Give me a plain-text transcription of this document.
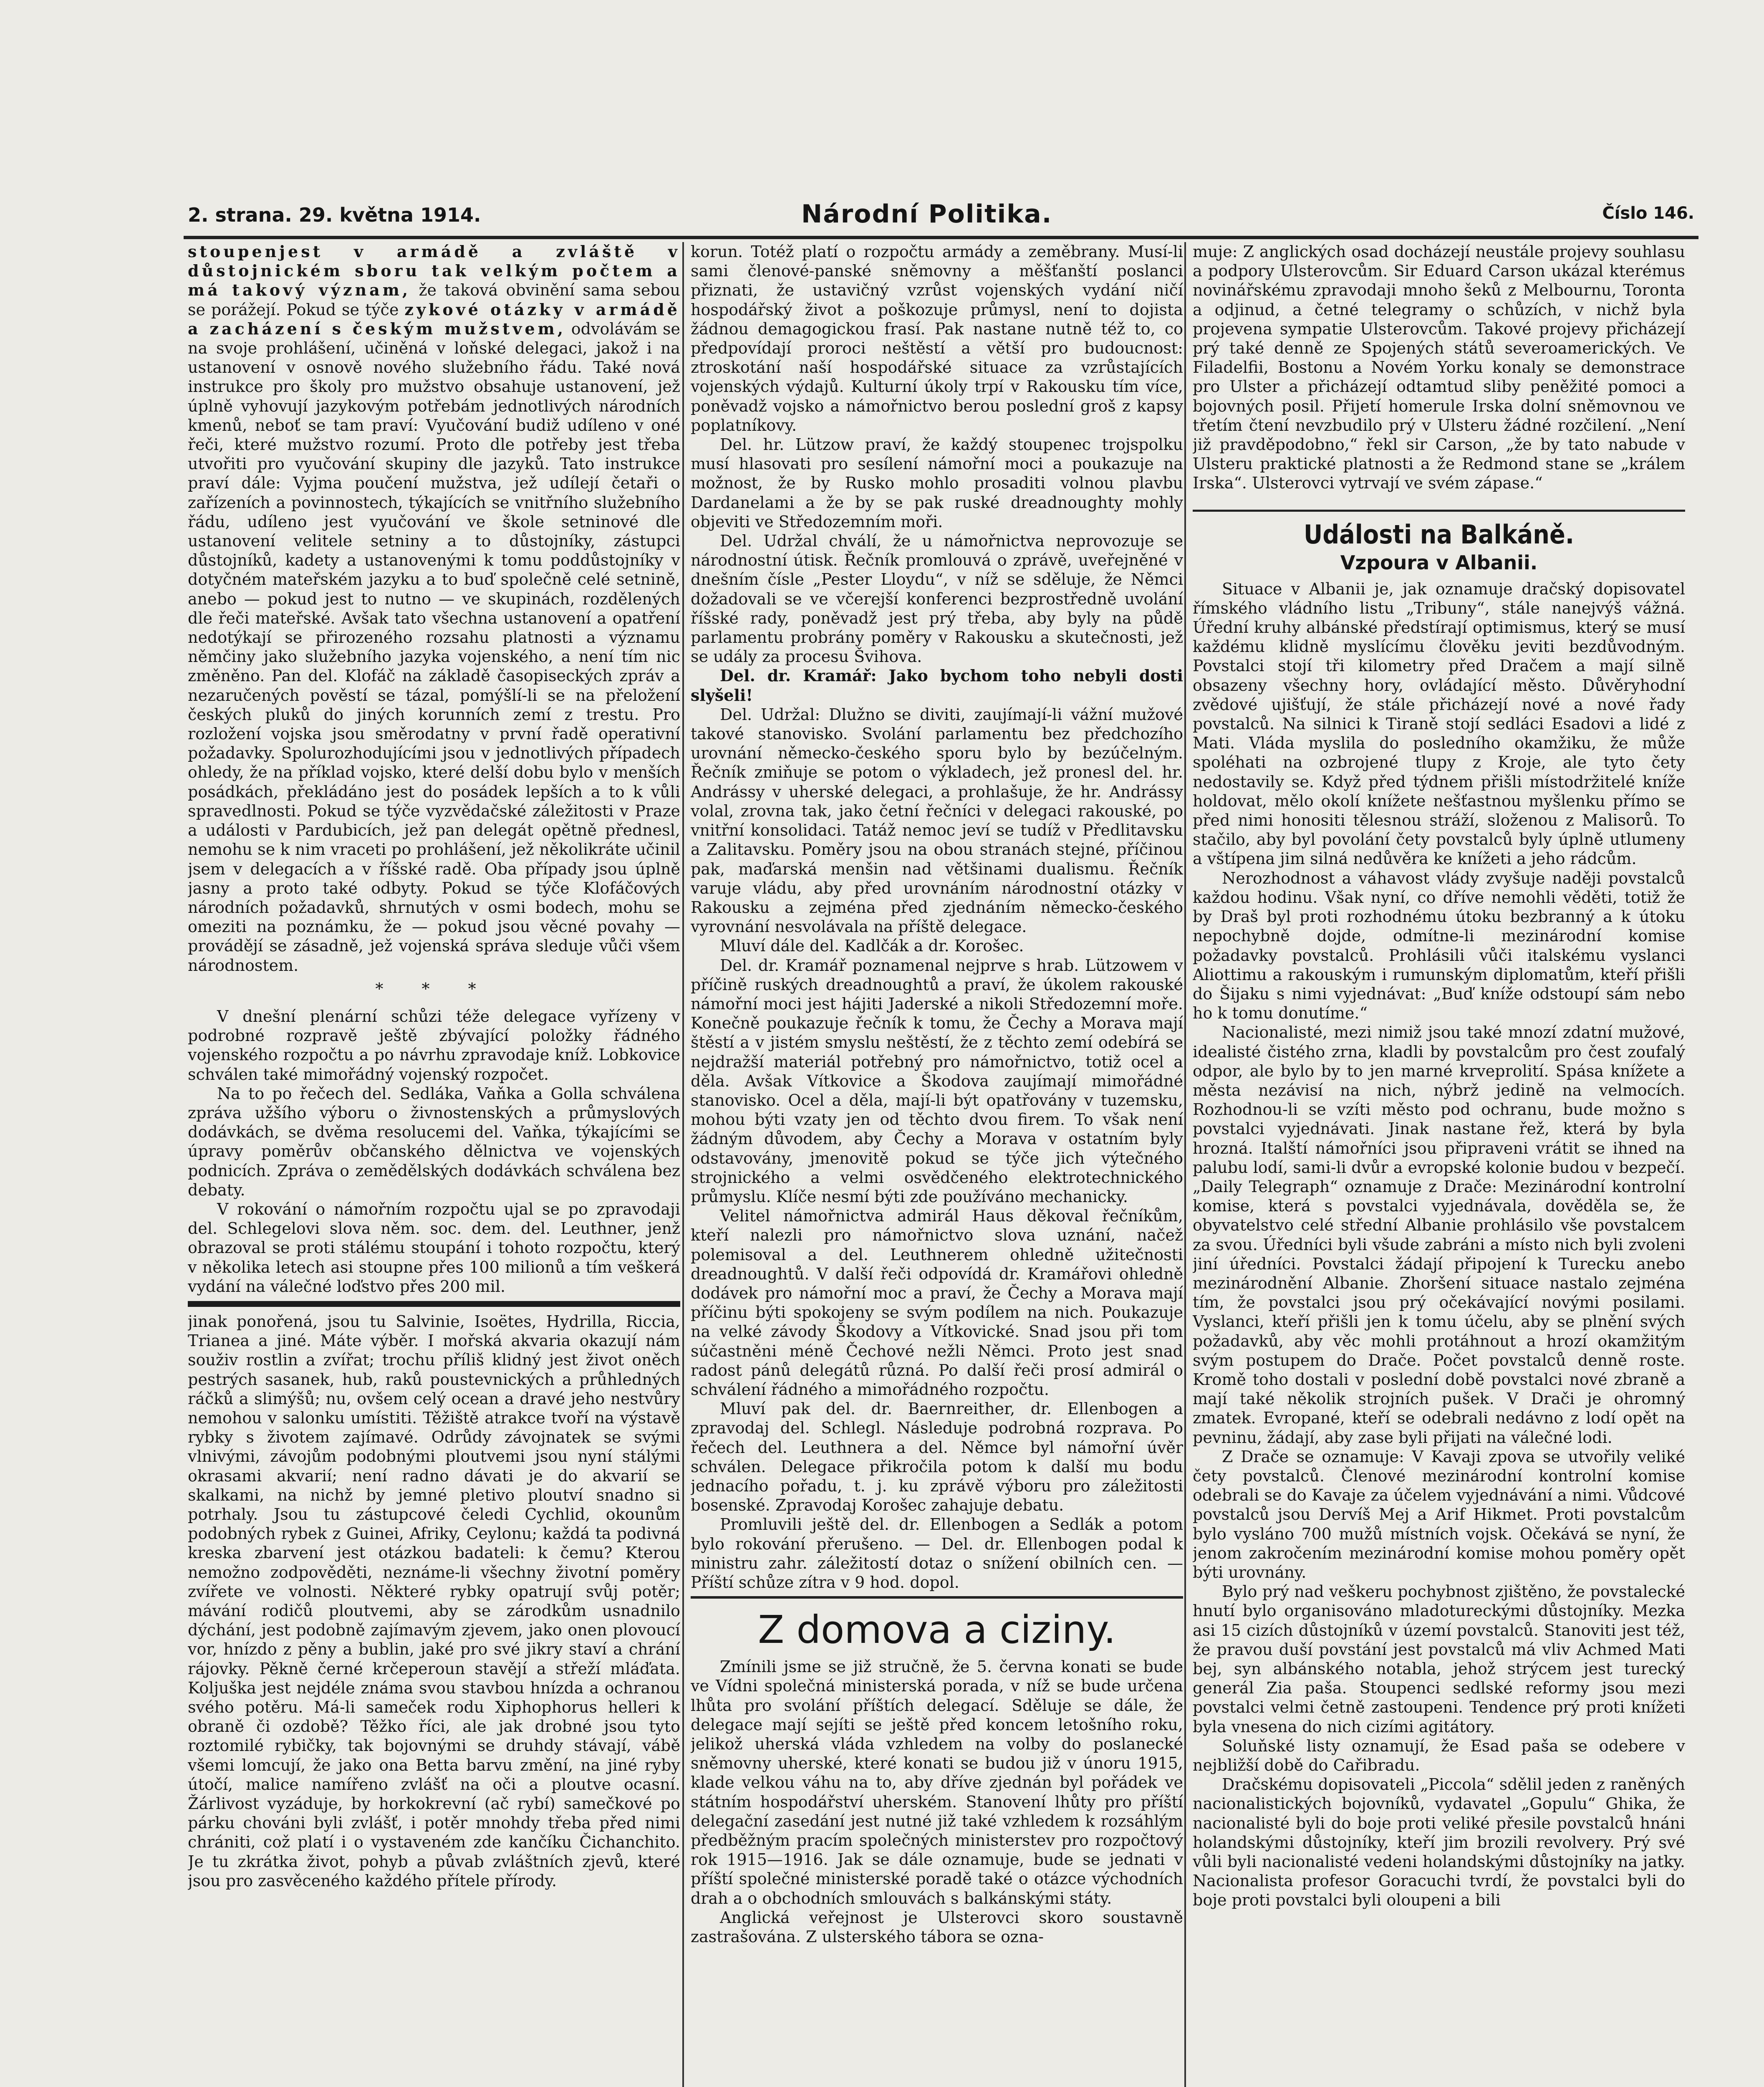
2. strana. 29. května 1914.	Národní Politika.	Číslo 146.

stoupenjest v armádě a zvláště v důstojnickém sboru tak velkým počtem a má takový význam, že taková obvinění sama sebou se porážejí. Pokud se týče zykové otázky v armádě a zacházení s českým mužstvem, odvolávám se na svoje prohlášení, učiněná v loňské delegaci, jakož i na ustanovení v osnově nového služebního řádu. Také nová instrukce pro školy pro mužstvo obsahuje ustanovení, jež úplně vyhovují jazykovým potřebám jednotlivých národních kmenů, neboť se tam praví: Vyučování budiž udíleno v oné řeči, které mužstvo rozumí. Proto dle potřeby jest třeba utvořiti pro vyučování skupiny dle jazyků. Tato instrukce praví dále: Vyjma poučení mužstva, jež udílejí četaři o zařízeních a povinnostech, týkajících se vnitřního služebního řádu, udíleno jest vyučování ve škole setninové dle ustanovení velitele setniny a to důstojníky, zástupci důstojníků, kadety a ustanovenými k tomu poddůstojníky v dotyčném mateřském jazyku a to buď společně celé setnině, anebo — pokud jest to nutno — ve skupinách, rozdělených dle řeči mateřské. Avšak tato všechna ustanovení a opatření nedotýkají se přirozeného rozsahu platnosti a významu němčiny jako služebního jazyka vojenského, a není tím nic změněno. Pan del. Klofáč na základě časopiseckých zpráv a nezaručených pověstí se tázal, pomýšlí-li se na přeložení českých pluků do jiných korunních zemí z trestu. Pro rozložení vojska jsou směrodatny v první řadě operativní požadavky. Spolurozhodujícími jsou v jednotlivých případech ohledy, že na příklad vojsko, které delší dobu bylo v menších posádkách, překládáno jest do posádek lepších a to k vůli spravedlnosti. Pokud se týče vyzvědačské záležitosti v Praze a události v Pardubicích, jež pan delegát opětně přednesl, nemohu se k nim vraceti po prohlášení, jež několikráte učinil jsem v delegacích a v říšské radě. Oba případy jsou úplně jasny a proto také odbyty. Pokud se týče Klofáčových národních požadavků, shrnutých v osmi bodech, mohu se omeziti na poznámku, že — pokud jsou věcné povahy — provádějí se zásadně, jež vojenská správa sleduje vůči všem národnostem.

* * *

V dnešní plenární schůzi téže delegace vyřízeny v podrobné rozpravě ještě zbývající položky řádného vojenského rozpočtu a po návrhu zpravodaje kníž. Lobkovice schválen také mimořádný vojenský rozpočet.

Na to po řečech del. Sedláka, Vaňka a Golla schválena zpráva užšího výboru o živnostenských a průmyslových dodávkách, se dvěma resolucemi del. Vaňka, týkajícími se úpravy poměrův občanského dělnictva ve vojenských podnicích. Zpráva o zemědělských dodávkách schválena bez debaty.

V rokování o námořním rozpočtu ujal se po zpravodaji del. Schlegelovi slova něm. soc. dem. del. Leuthner, jenž obrazoval se proti stálému stoupání i tohoto rozpočtu, který v několika letech asi stoupne přes 100 milionů a tím veškerá vydání na válečné loďstvo přes 200 mil.

jinak ponořená, jsou tu Salvinie, Isoëtes, Hydrilla, Riccia, Trianea a jiné. Máte výběr. I mořská akvaria okazují nám souživ rostlin a zvířat; trochu příliš klidný jest život oněch pestrých sasanek, hub, raků poustevnických a průhledných ráčků a slimýšů; nu, ovšem celý ocean a dravé jeho nestvůry nemohou v salonku umístiti. Těžiště atrakce tvoří na výstavě rybky s životem zajímavé. Odrůdy závojnatek se svými vlnivými, závojům podobnými ploutvemi jsou nyní stálými okrasami akvarií; není radno dávati je do akvarií se skalkami, na nichž by jemné pletivo ploutví snadno si potrhaly. Jsou tu zástupcové čeledi Cychlid, okounům podobných rybek z Guinei, Afriky, Ceylonu; každá ta podivná kreska zbarvení jest otázkou badateli: k čemu? Kterou nemožno zodpověděti, neznáme-li všechny životní poměry zvířete ve volnosti. Některé rybky opatrují svůj potěr; mávání rodičů ploutvemi, aby se zárodkům usnadnilo dýchání, jest podobně zajímavým zjevem, jako onen plovoucí vor, hnízdo z pěny a bublin, jaké pro své jikry staví a chrání rájovky. Pěkně černé krčeperoun stavějí a střeží mláďata. Koljuška jest nejdéle známa svou stavbou hnízda a ochranou svého potěru. Má-li sameček rodu Xiphophorus helleri k obraně či ozdobě? Těžko říci, ale jak drobné jsou tyto roztomilé rybičky, tak bojovnými se druhdy stávají, vábě všemi lomcují, že jako ona Betta barvu změní, na jiné ryby útočí, malice namířeno zvlášť na oči a ploutve ocasní. Žárlivost vyzáduje, by horkokrevní (ač rybí) samečkové po párku chováni byli zvlášť, i potěr mnohdy třeba před nimi chrániti, což platí i o vystaveném zde kančíku Čichanchito. Je tu zkrátka život, pohyb a půvab zvláštních zjevů, které jsou pro zasvěceného každého přítele přírody.

korun. Totéž platí o rozpočtu armády a zeměbrany. Musí-li sami členové-panské sněmovny a měšťanští poslanci přiznati, že ustavičný vzrůst vojenských vydání ničí hospodářský život a poškozuje průmysl, není to dojista žádnou demagogickou frasí. Pak nastane nutně též to, co předpovídají proroci neštěstí a větší pro budoucnost: ztroskotání naší hospodářské situace za vzrůstajících vojenských výdajů. Kulturní úkoly trpí v Rakousku tím více, poněvadž vojsko a námořnictvo berou poslední groš z kapsy poplatníkovy.

Del. hr. Lützow praví, že každý stoupenec trojspolku musí hlasovati pro sesílení námořní moci a poukazuje na možnost, že by Rusko mohlo prosaditi volnou plavbu Dardanelami a že by se pak ruské dreadnoughty mohly objeviti ve Středozemním moři.

Del. Udržal chválí, že u námořnictva neprovozuje se národnostní útisk. Řečník promlouvá o zprávě, uveřejněné v dnešním čísle „Pester Lloydu“, v níž se sděluje, že Němci dožadovali se ve včerejší konferenci bezprostředně uvolání říšské rady, poněvadž jest prý třeba, aby byly na půdě parlamentu probrány poměry v Rakousku a skutečnosti, jež se udály za procesu Švihova.

Del. dr. Kramář: Jako bychom toho nebyli dosti slyšeli!

Del. Udržal: Dlužno se diviti, zaujímají-li vážní mužové takové stanovisko. Svolání parlamentu bez předchozího urovnání německo-českého sporu bylo by bezúčelným. Řečník zmiňuje se potom o výkladech, jež pronesl del. hr. Andrássy v uherské delegaci, a prohlašuje, že hr. Andrássy volal, zrovna tak, jako četní řečníci v delegaci rakouské, po vnitřní konsolidaci. Tatáž nemoc jeví se tudíž v Předlitavsku a Zalitavsku. Poměry jsou na obou stranách stejné, příčinou pak, maďarská menšin nad většinami dualismu. Řečník varuje vládu, aby před urovnáním národnostní otázky v Rakousku a zejména před zjednáním německo-českého vyrovnání nesvolávala na příště delegace.

Mluví dále del. Kadlčák a dr. Korošec.

Del. dr. Kramář poznamenal nejprve s hrab. Lützowem v příčině ruských dreadnoughtů a praví, že úkolem rakouské námořní moci jest hájiti Jaderské a nikoli Středozemní moře. Konečně poukazuje řečník k tomu, že Čechy a Morava mají štěstí a v jistém smyslu neštěstí, že z těchto zemí odebírá se nejdražší materiál potřebný pro námořnictvo, totiž ocel a děla. Avšak Vítkovice a Škodova zaujímají mimořádné stanovisko. Ocel a děla, mají-li být opatřovány v tuzemsku, mohou býti vzaty jen od těchto dvou firem. To však není žádným důvodem, aby Čechy a Morava v ostatním byly odstavovány, jmenovitě pokud se týče jich výtečného strojnického a velmi osvědčeného elektrotechnického průmyslu. Klíče nesmí býti zde používáno mechanicky.

Velitel námořnictva admirál Haus děkoval řečníkům, kteří nalezli pro námořnictvo slova uznání, načež polemisoval a del. Leuthnerem ohledně užitečnosti dreadnoughtů. V další řeči odpovídá dr. Kramářovi ohledně dodávek pro námořní moc a praví, že Čechy a Morava mají příčinu býti spokojeny se svým podílem na nich. Poukazuje na velké závody Škodovy a Vítkovické. Snad jsou při tom súčastněni méně Čechové nežli Němci. Proto jest snad radost pánů delegátů různá. Po další řeči prosí admirál o schválení řádného a mimořádného rozpočtu.

Mluví pak del. dr. Baernreither, dr. Ellenbogen a zpravodaj del. Schlegl. Následuje podrobná rozprava. Po řečech del. Leuthnera a del. Němce byl námořní úvěr schválen. Delegace přikročila potom k další mu bodu jednacího pořadu, t. j. ku zprávě výboru pro záležitosti bosenské. Zpravodaj Korošec zahajuje debatu.

Promluvili ještě del. dr. Ellenbogen a Sedlák a potom bylo rokování přerušeno. — Del. dr. Ellenbogen podal k ministru zahr. záležitostí dotaz o snížení obilních cen. — Příští schůze zítra v 9 hod. dopol.

Z domova a ciziny.

Zmínili jsme se již stručně, že 5. června konati se bude ve Vídni společná ministerská porada, v níž se bude určena lhůta pro svolání příštích delegací. Sděluje se dále, že delegace mají sejíti se ještě před koncem letošního roku, jelikož uherská vláda vzhledem na volby do poslanecké sněmovny uherské, které konati se budou již v únoru 1915, klade velkou váhu na to, aby dříve zjednán byl pořádek ve státním hospodářství uherském. Stanovení lhůty pro příští delegační zasedání jest nutné již také vzhledem k rozsáhlým předběžným pracím společných ministerstev pro rozpočtový rok 1915—1916. Jak se dále oznamuje, bude se jednati v příští společné ministerské poradě také o otázce východních drah a o obchodních smlouvách s balkánskými státy.

Anglická veřejnost je Ulsterovci skoro soustavně zastrašována. Z ulsterského tábora se ozna-

muje: Z anglických osad docházejí neustále projevy souhlasu a podpory Ulsterovcům. Sir Eduard Carson ukázal kterémus novinářskému zpravodaji mnoho šeků z Melbournu, Toronta a odjinud, a četné telegramy o schůzích, v nichž byla projevena sympatie Ulsterovcům. Takové projevy přicházejí prý také denně ze Spojených států severoamerických. Ve Filadelfii, Bostonu a Novém Yorku konaly se demonstrace pro Ulster a přicházejí odtamtud sliby peněžité pomoci a bojovných posil. Přijetí homerule Irska dolní sněmovnou ve třetím čtení nevzbudilo prý v Ulsteru žádné rozčilení. „Není již pravděpodobno,“ řekl sir Carson, „že by tato nabude v Ulsteru praktické platnosti a že Redmond stane se „králem Irska“. Ulsterovci vytrvají ve svém zápase.“

Události na Balkáně.
Vzpoura v Albanii.

Situace v Albanii je, jak oznamuje dračský dopisovatel římského vládního listu „Tribuny“, stále nanejvýš vážná. Úřední kruhy albánské předstírají optimismus, který se musí každému klidně myslícímu člověku jeviti bezdůvodným. Povstalci stojí tři kilometry před Dračem a mají silně obsazeny všechny hory, ovládající město. Důvěryhodní zvědové ujišťují, že stále přicházejí nové a nové řady povstalců. Na silnici k Tiraně stojí sedláci Esadovi a lidé z Mati. Vláda myslila do posledního okamžiku, že může spoléhati na ozbrojené tlupy z Kroje, ale tyto čety nedostavily se. Když před týdnem přišli místodržitelé kníže holdovat, mělo okolí knížete nešťastnou myšlenku přímo se před nimi honositi tělesnou stráží, složenou z Malisorů. To stačilo, aby byl povolání čety povstalců byly úplně utlumeny a vštípena jim silná nedůvěra ke knížeti a jeho rádcům.

Nerozhodnost a váhavost vlády zvyšuje naději povstalců každou hodinu. Však nyní, co dříve nemohli věděti, totiž že by Draš byl proti rozhodnému útoku bezbranný a k útoku nepochybně dojde, odmítne-li mezinárodní komise požadavky povstalců. Prohlásili vůči italskému vyslanci Aliottimu a rakouským i rumunským diplomatům, kteří přišli do Šijaku s nimi vyjednávat: „Buď kníže odstoupí sám nebo ho k tomu donutíme.“

Nacionalisté, mezi nimiž jsou také mnozí zdatní mužové, idealisté čistého zrna, kladli by povstalcům pro čest zoufalý odpor, ale bylo by to jen marné krveprolití. Spása knížete a města nezávisí na nich, nýbrž jedině na velmocích. Rozhodnou-li se vzíti město pod ochranu, bude možno s povstalci vyjednávati. Jinak nastane řež, která by byla hrozná. Italští námořníci jsou připraveni vrátit se ihned na palubu lodí, sami-li dvůr a evropské kolonie budou v bezpečí. „Daily Telegraph“ oznamuje z Drače: Mezinárodní kontrolní komise, která s povstalci vyjednávala, dověděla se, že obyvatelstvo celé střední Albanie prohlásilo vše povstalcem za svou. Úředníci byli všude zabráni a místo nich byli zvoleni jiní úředníci. Povstalci žádají připojení k Turecku anebo mezinárodnění Albanie. Zhoršení situace nastalo zejména tím, že povstalci jsou prý očekávající novými posilami. Vyslanci, kteří přišli jen k tomu účelu, aby se plnění svých požadavků, aby věc mohli protáhnout a hrozí okamžitým svým postupem do Drače. Počet povstalců denně roste. Kromě toho dostali v poslední době povstalci nové zbraně a mají také několik strojních pušek. V Drači je ohromný zmatek. Evropané, kteří se odebrali nedávno z lodí opět na pevninu, žádají, aby zase byli přijati na válečné lodi.

Z Drače se oznamuje: V Kavaji zpova se utvořily veliké čety povstalců. Členové mezinárodní kontrolní komise odebrali se do Kavaje za účelem vyjednávání a nimi. Vůdcové povstalců jsou Dervíš Mej a Arif Hikmet. Proti povstalcům bylo vysláno 700 mužů místních vojsk. Očekává se nyní, že jenom zakročením mezinárodní komise mohou poměry opět býti urovnány.

Bylo prý nad veškeru pochybnost zjištěno, že povstalecké hnutí bylo organisováno mladotureckými důstojníky. Mezka asi 15 cizích důstojníků v území povstalců. Stanoviti jest též, že pravou duší povstání jest povstalců má vliv Achmed Mati bej, syn albánského notabla, jehož strýcem jest turecký generál Zia paša. Stoupenci sedlské reformy jsou mezi povstalci velmi četně zastoupeni. Tendence prý proti knížeti byla vnesena do nich cizími agitátory.

Soluňské listy oznamují, že Esad paša se odebere v nejbližší době do Cařibradu.

Dračskému dopisovateli „Piccola“ sdělil jeden z raněných nacionalistických bojovníků, vydavatel „Gopulu“ Ghika, že nacionalisté byli do boje proti veliké přesile povstalců hnáni holandskými důstojníky, kteří jim brozili revolvery. Prý své vůli byli nacionalisté vedeni holandskými důstojníky na jatky. Nacionalista profesor Goracuchi tvrdí, že povstalci byli do boje proti povstalci byli oloupeni a bili
